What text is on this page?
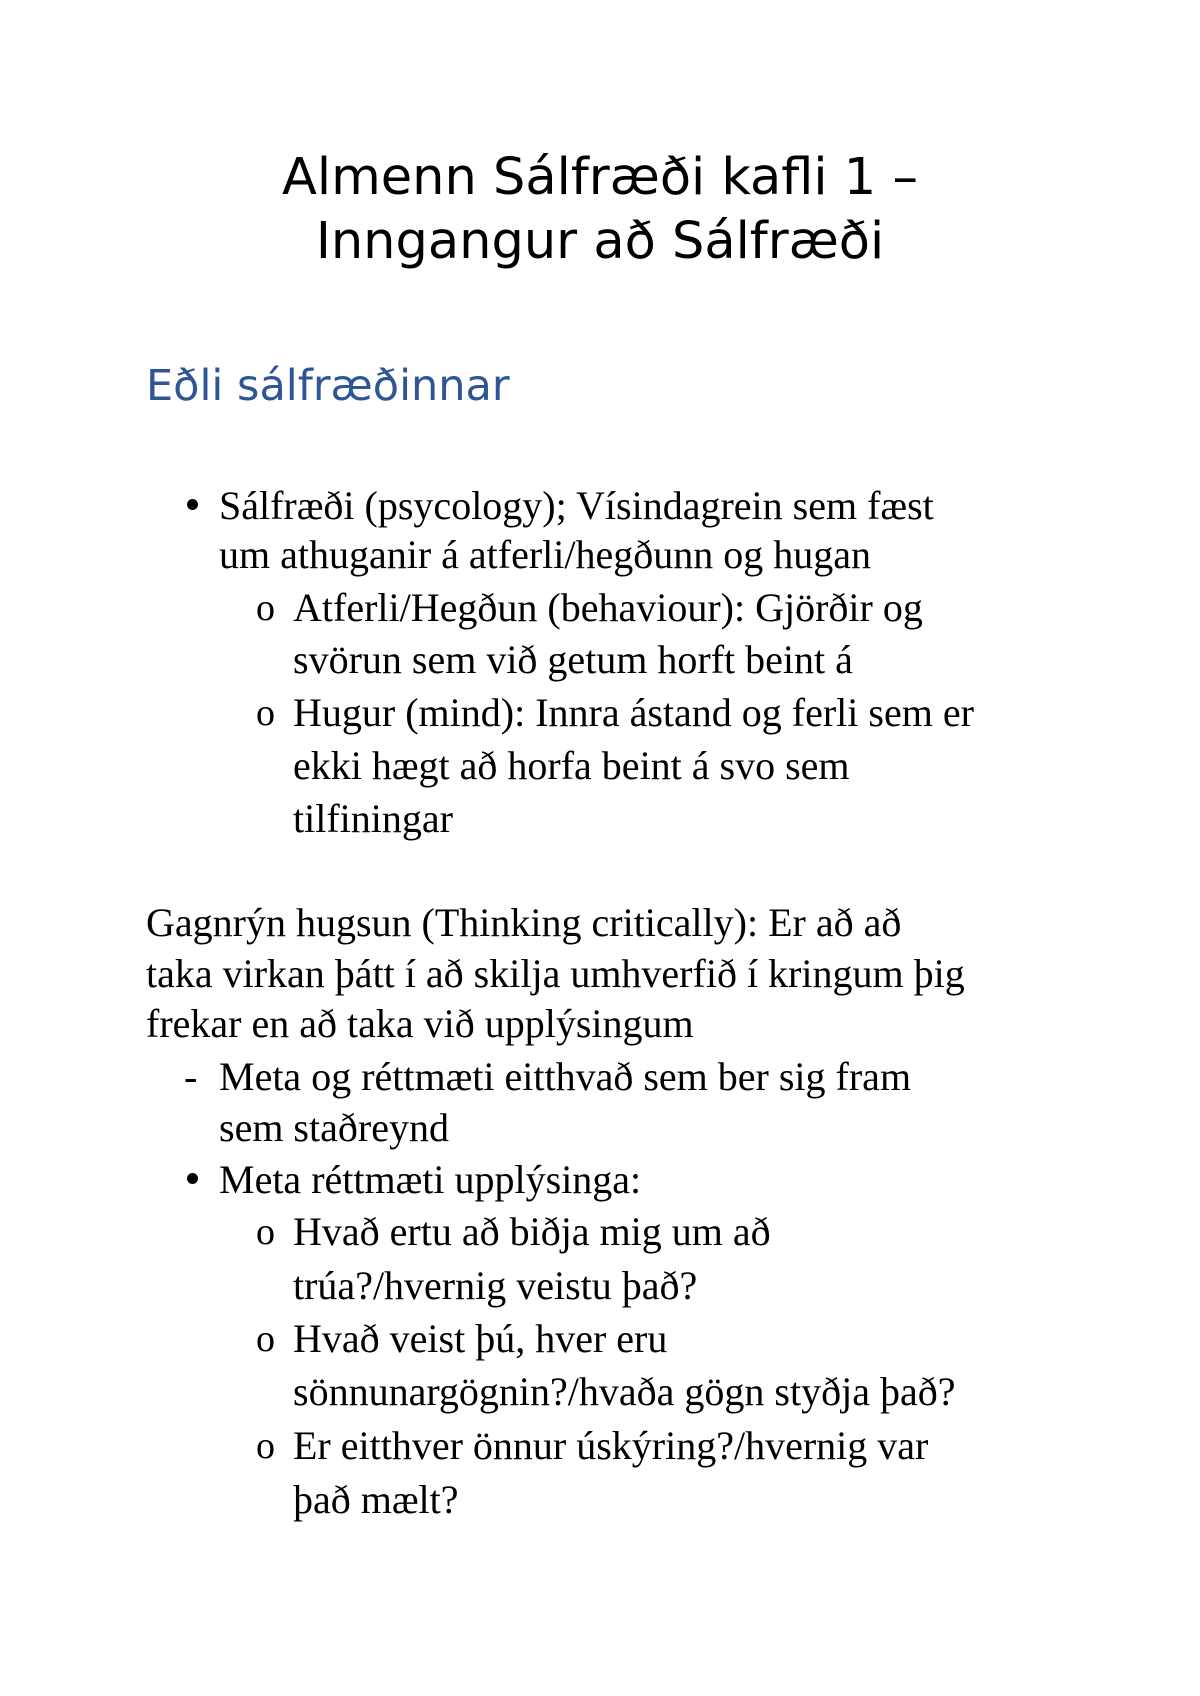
Almenn Sálfræði kafli 1 –
Inngangur að Sálfræði
Eðli sálfræðinnar
Sálfræði (psycology); Vísindagrein sem fæst
um athuganir á atferli/hegðunn og hugan
o Atferli/Hegðun (behaviour): Gjörðir og
svörun sem við getum horft beint á
o Hugur (mind): Innra ástand og ferli sem er
ekki hægt að horfa beint á svo sem
tilfiningar
Gagnrýn hugsun (Thinking critically): Er að að
taka virkan þátt í að skilja umhverfið í kringum þig
frekar en að taka við upplýsingum
- Meta og réttmæti eitthvað sem ber sig fram
sem staðreynd
Meta réttmæti upplýsinga:
o Hvað ertu að biðja mig um að
trúa?/hvernig veistu það?
o Hvað veist þú, hver eru
sönnunargögnin?/hvaða gögn styðja það?
o Er eitthver önnur úskýring?/hvernig var
það mælt?
